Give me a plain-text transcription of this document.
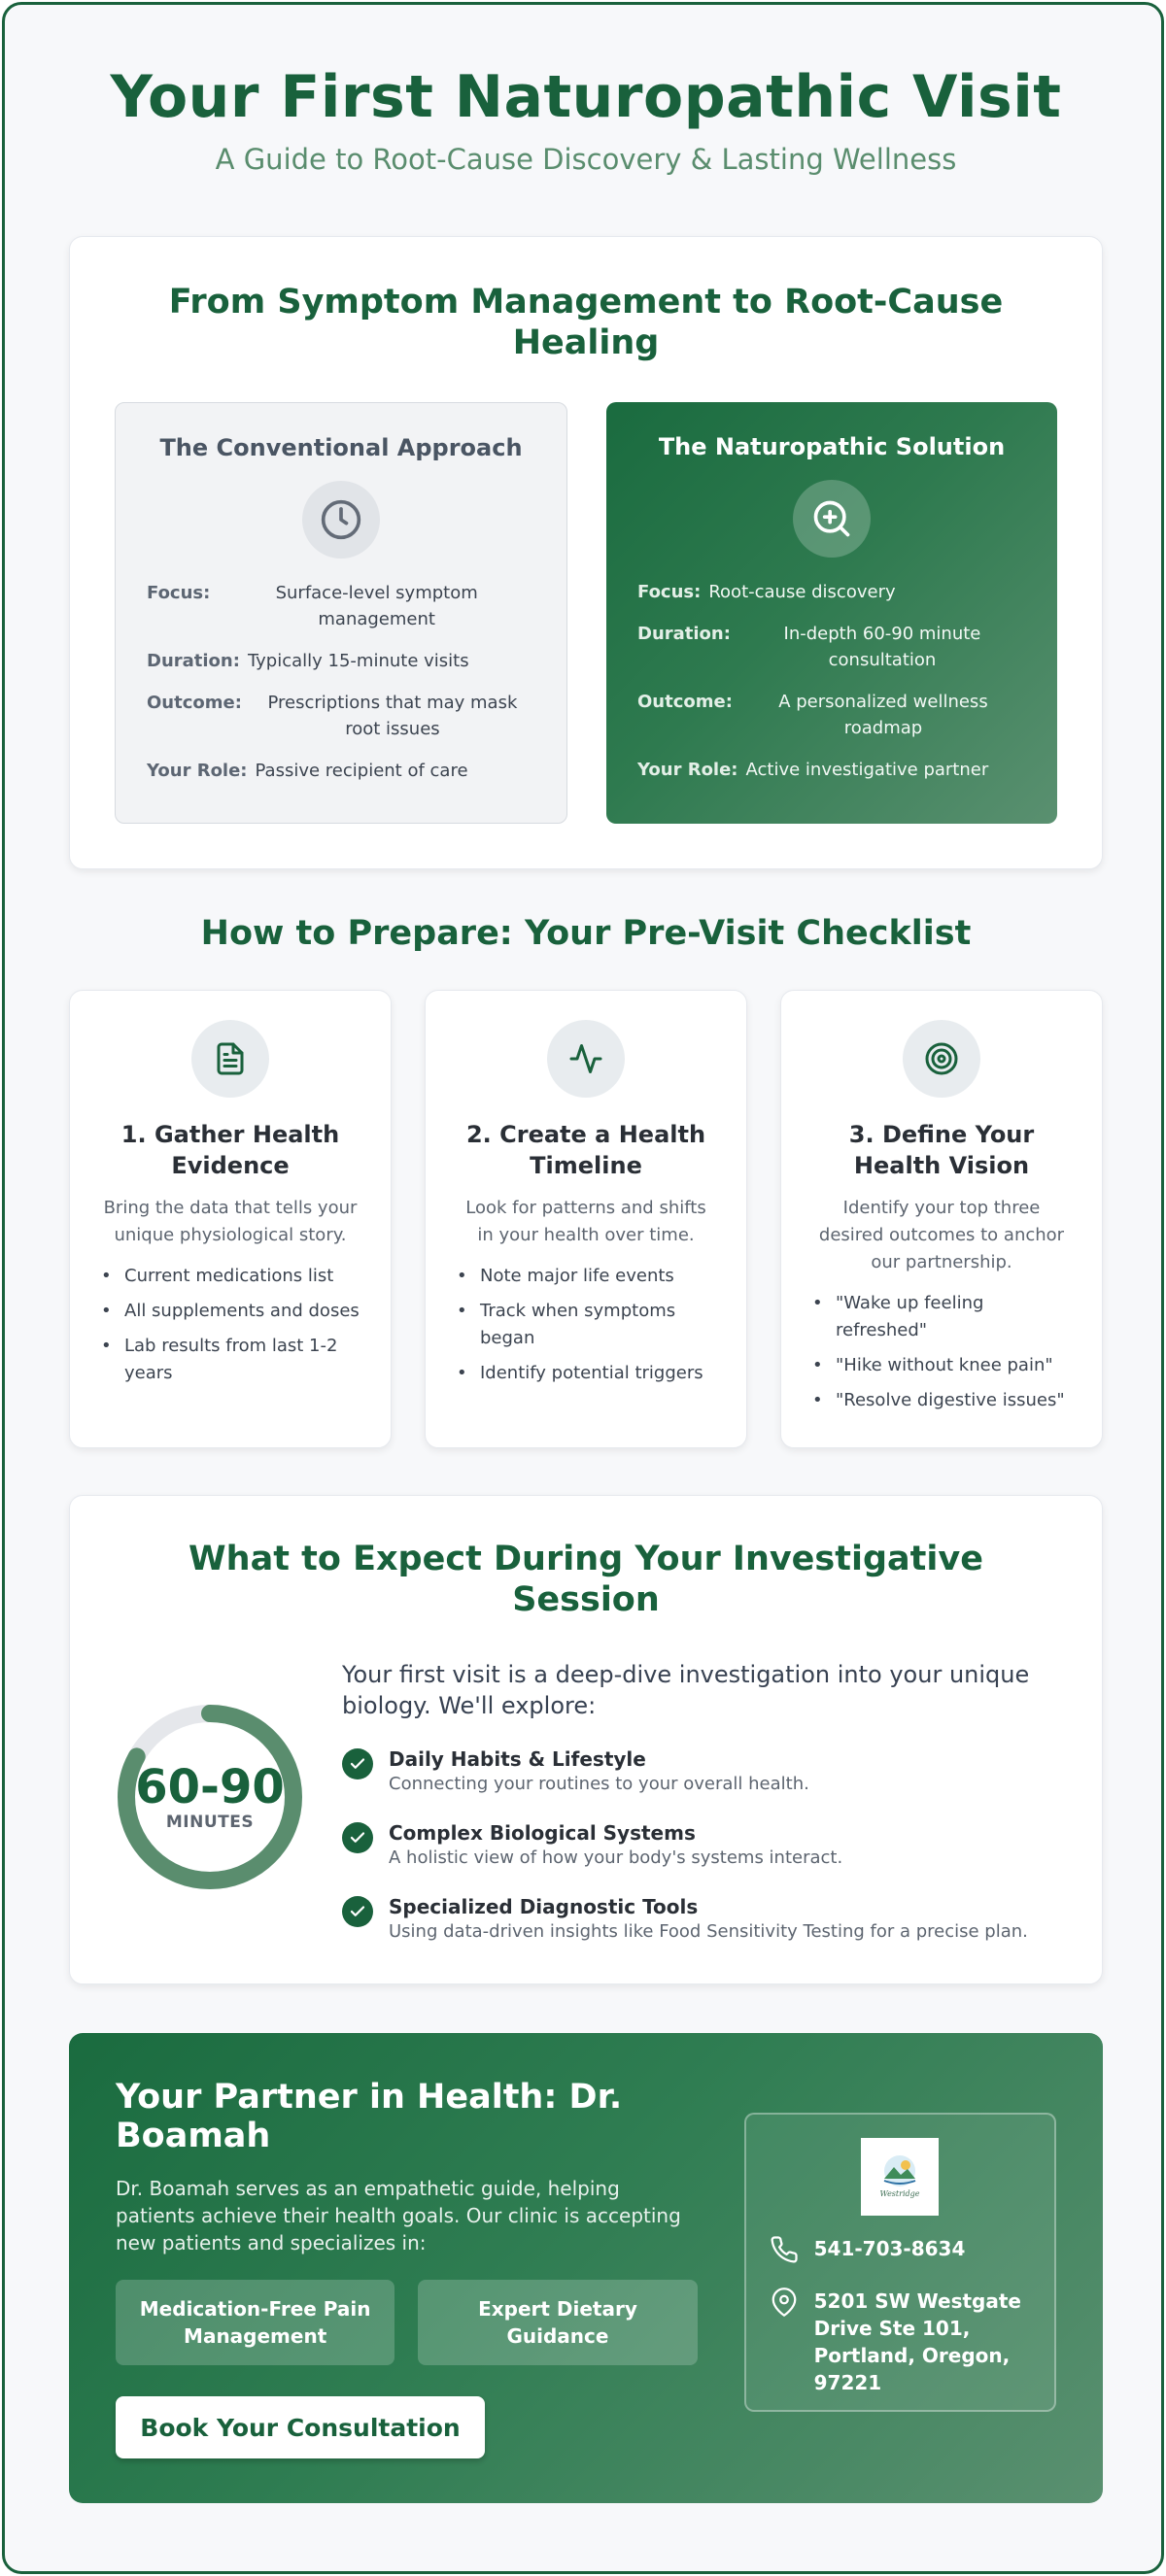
Your First Naturopathic Visit

A Guide to Root-Cause Discovery & Lasting Wellness

From Symptom Management to Root-Cause Healing
The Conventional Approach
Focus:	Surface-level symptom management
Duration: Typically 15-minute visits
Outcome:	Prescriptions that may mask root issues
Your Role: Passive recipient of care
The Naturopathic Solution
Focus: Root-cause discovery
Duration:	In-depth 60-90 minute consultation
Outcome:	A personalized wellness roadmap
Your Role: Active investigative partner
How to Prepare: Your Pre-Visit Checklist
1. Gather Health Evidence
Bring the data that tells your unique physiological story.
• Current medications list
• All supplements and doses
• Lab results from last 1-2 years
2. Create a Health Timeline
Look for patterns and shifts in your health over time.
• Note major life events
• Track when symptoms began
• Identify potential triggers
3. Define Your Health Vision
Identify your top three desired outcomes to anchor our partnership.
• "Wake up feeling refreshed"
• "Hike without knee pain"
• "Resolve digestive issues"
What to Expect During Your Investigative Session
60-90
MINUTES

Your first visit is a deep-dive investigation into your unique biology. We'll explore:

Daily Habits & Lifestyle
Connecting your routines to your overall health.
Complex Biological Systems
A holistic view of how your body's systems interact.
Specialized Diagnostic Tools
Using data-driven insights like Food Sensitivity Testing for a precise plan.
Your Partner in Health: Dr. Boamah

Dr. Boamah serves as an empathetic guide, helping patients achieve their health goals. Our clinic is accepting new patients and specializes in:

Medication-Free Pain Management
Expert Dietary Guidance
Book Your Consultation
Westridge
541-703-8634
5201 SW Westgate Drive Ste 101, Portland, Oregon, 97221
